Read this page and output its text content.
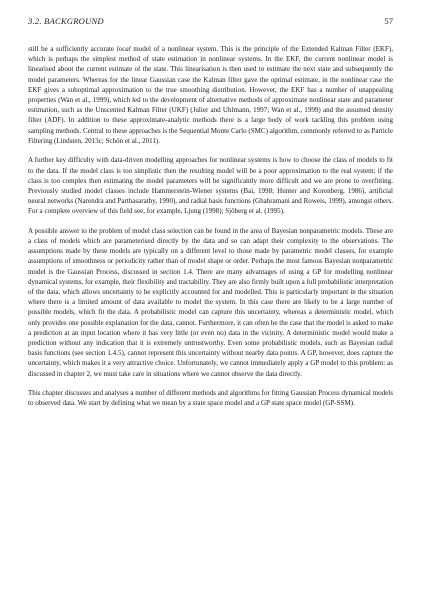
3.2. BACKGROUND	57

still be a sufficiently accurate local model of a nonlinear system. This is the principle of the Extended Kalman Filter (EKF), which is perhaps the simplest method of state estimation in nonlinear systems. In the EKF, the current nonlinear model is linearised about the current estimate of the state. This linearisation is then used to estimate the next state and subsequently the model parameters. Whereas for the linear Gaussian case the Kalman filter gave the optimal estimate, in the nonlinear case the EKF gives a suboptimal approximation to the true smoothing distribution. However, the EKF has a number of unappealing properties (Wan et al., 1999), which led to the development of alternative methods of approximate nonlinear state and parameter estimation, such as the Unscented Kalman Filter (UKF) (Julier and Uhlmann, 1997; Wan et al., 1999) and the assumed density filter (ADF). In addition to these approximate-analytic methods there is a large body of work tackling this problem using sampling methods. Central to these approaches is the Sequential Monte Carlo (SMC) algorithm, commonly referred to as Particle Filtering (Lindsten, 2013c; Schön et al., 2011).

A further key difficulty with data-driven modelling approaches for nonlinear systems is how to choose the class of models to fit to the data. If the model class is too simplistic then the resulting model will be a poor approximation to the real system; if the class is too complex then estimating the model parameters will be significantly more difficult and we are prone to overfitting. Previously studied model classes include Hammerstein-Wiener systems (Bai, 1998; Hunter and Korenberg, 1986), artificial neural networks (Narendra and Parthasarathy, 1990), and radial basis functions (Ghahramani and Roweis, 1999), amongst others. For a complete overview of this field see, for example, Ljung (1998); Sjöberg et al. (1995).

A possible answer to the problem of model class selection can be found in the area of Bayesian nonparametric models. These are a class of models which are parameterised directly by the data and so can adapt their complexity to the observations. The assumptions made by these models are typically on a different level to those made by parametric model classes, for example assumptions of smoothness or periodicity rather than of model shape or order. Perhaps the most famous Bayesian nonparametric model is the Gaussian Process, discussed in section 1.4. There are many advantages of using a GP for modelling nonlinear dynamical systems, for example, their flexibility and tractability. They are also firmly built upon a full probabilistic interpretation of the data, which allows uncertainty to be explicitly accounted for and modelled. This is particularly important in the situation where there is a limited amount of data available to model the system. In this case there are likely to be a large number of possible models, which fit the data. A probabilistic model can capture this uncertainty, whereas a deterministic model, which only provides one possible explanation for the data, cannot. Furthermore, it can often be the case that the model is asked to make a prediction at an input location where it has very little (or even no) data in the vicinity. A deterministic model would make a prediction without any indication that it is extremely untrustworthy. Even some probabilistic models, such as Bayesian radial basis functions (see section 1.4.5), cannot represent this uncertainty without nearby data points. A GP, however, does capture the uncertainty, which makes it a very attractive choice. Unfortunately, we cannot immediately apply a GP model to this problem: as discussed in chapter 2, we must take care in situations where we cannot observe the data directly.

This chapter discusses and analyses a number of different methods and algorithms for fitting Gaussian Process dynamical models to observed data. We start by defining what we mean by a state space model and a GP state space model (GP-SSM).
